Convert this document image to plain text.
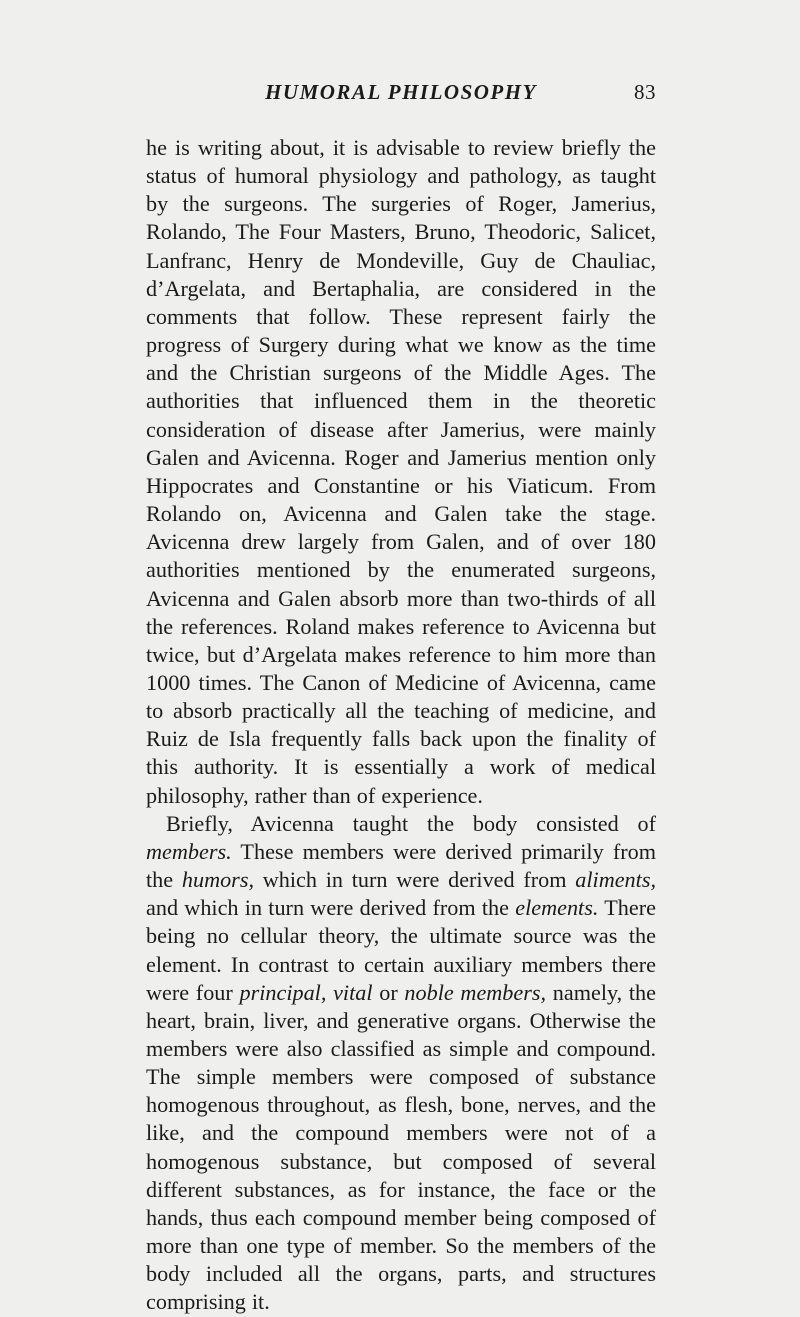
HUMORAL PHILOSOPHY	83

he is writing about, it is advisable to review briefly the status of humoral physiology and pathology, as taught by the surgeons. The surgeries of Roger, Jamerius, Rolando, The Four Masters, Bruno, Theodoric, Salicet, Lanfranc, Henry de Mondeville, Guy de Chauliac, d’Argelata, and Bertaphalia, are considered in the comments that follow. These represent fairly the progress of Surgery during what we know as the time and the Christian surgeons of the Middle Ages. The authorities that influenced them in the theoretic consideration of disease after Jamerius, were mainly Galen and Avicenna. Roger and Jamerius mention only Hippocrates and Constantine or his Viaticum. From Rolando on, Avicenna and Galen take the stage. Avicenna drew largely from Galen, and of over 180 authorities mentioned by the enumerated surgeons, Avicenna and Galen absorb more than two-thirds of all the references. Roland makes reference to Avicenna but twice, but d’Argelata makes reference to him more than 1000 times. The Canon of Medicine of Avicenna, came to absorb practically all the teaching of medicine, and Ruiz de Isla frequently falls back upon the finality of this authority. It is essentially a work of medical philosophy, rather than of experience.

Briefly, Avicenna taught the body consisted of members. These members were derived primarily from the humors, which in turn were derived from aliments, and which in turn were derived from the elements. There being no cellular theory, the ultimate source was the element. In contrast to certain auxiliary members there were four principal, vital or noble members, namely, the heart, brain, liver, and generative organs. Otherwise the members were also classified as simple and compound. The simple members were composed of substance homogenous throughout, as flesh, bone, nerves, and the like, and the compound members were not of a homogenous substance, but composed of several different substances, as for instance, the face or the hands, thus each compound member being composed of more than one type of member. So the members of the body included all the organs, parts, and structures comprising it.
